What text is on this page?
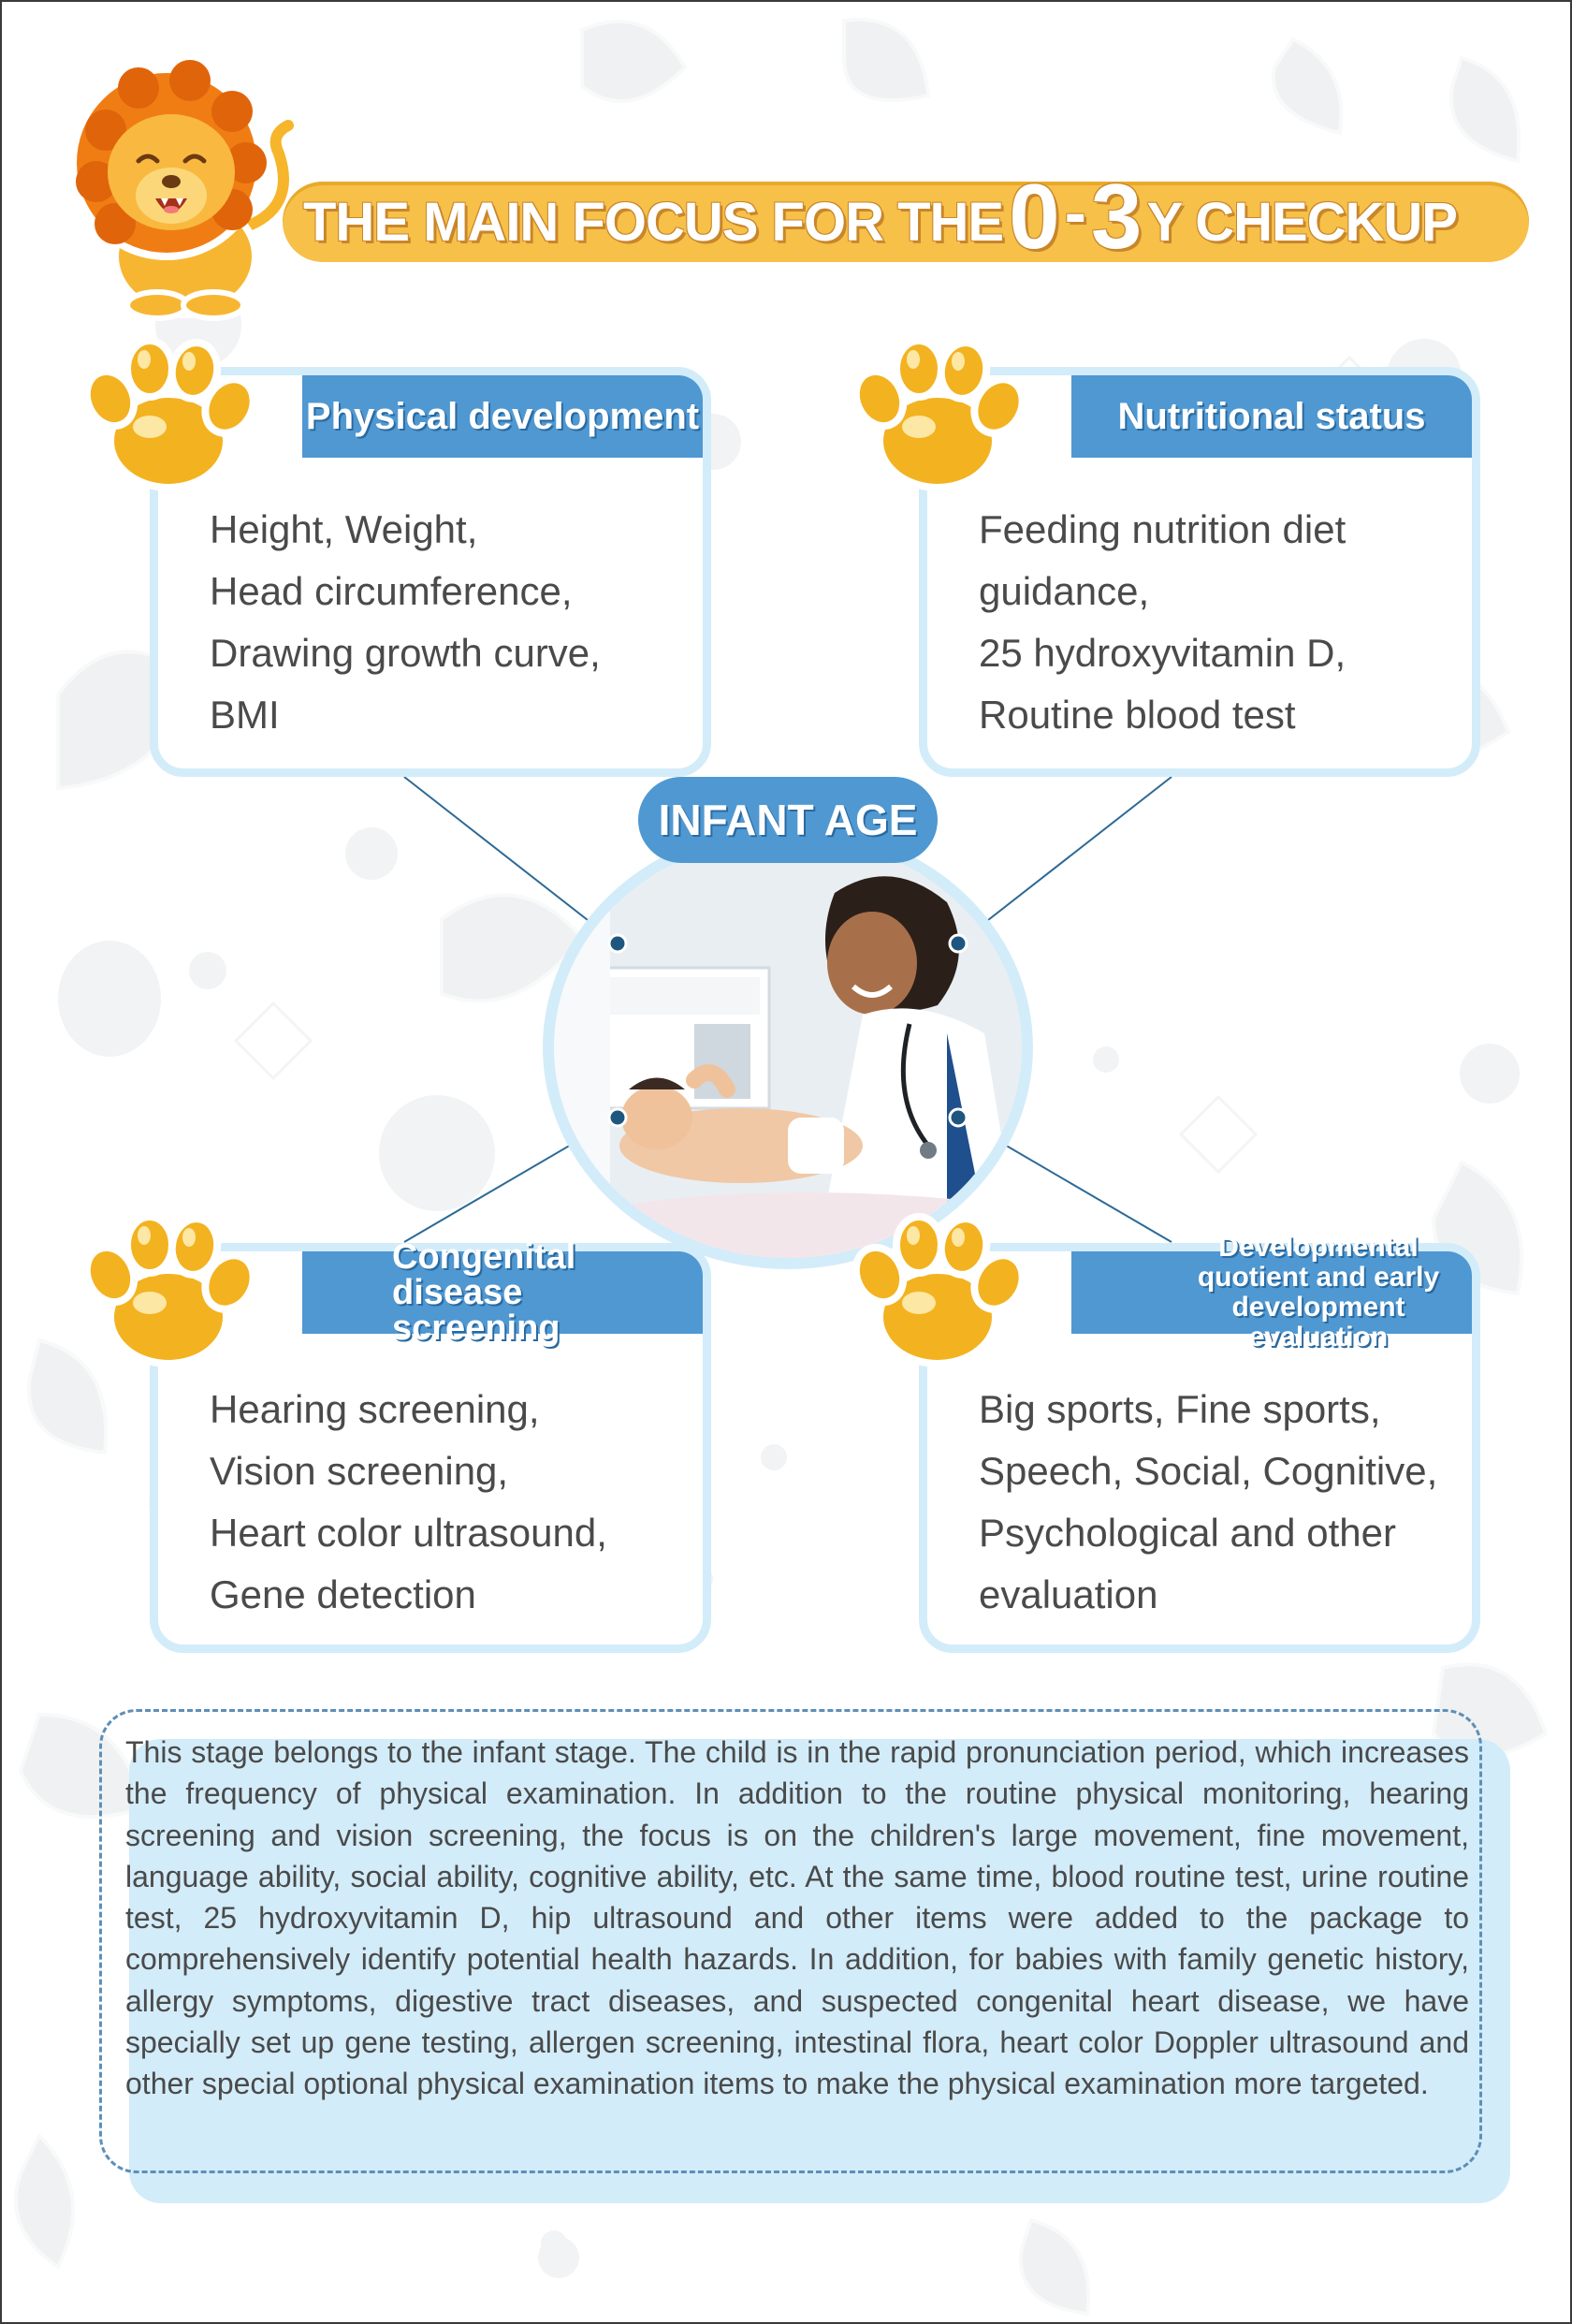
THE MAIN FOCUS FOR THE 0 - 3 Y CHECKUP
INFANT AGE
Physical development
Height, Weight,
Head circumference,
Drawing growth curve,
BMI
Nutritional status
Feeding nutrition diet
guidance,
25 hydroxyvitamin D,
Routine blood test
Congenital disease screening
Hearing screening,
Vision screening,
Heart color ultrasound,
Gene detection
Developmental quotient and early development evaluation
Big sports, Fine sports,
Speech, Social, Cognitive,
Psychological and other
evaluation
This stage belongs to the infant stage. The child is in the rapid pronunciation period, which increases the frequency of physical examination. In addition to the routine physical monitoring, hearing screening and vision screening, the focus is on the children's large movement, fine movement, language ability, social ability, cognitive ability, etc. At the same time, blood routine test, urine routine test, 25 hydroxyvitamin D, hip ultrasound and other items were added to the package to comprehensively identify potential health hazards. In addition, for babies with family genetic history, allergy symptoms, digestive tract diseases, and suspected congenital heart disease, we have specially set up gene testing, allergen screening, intestinal flora, heart color Doppler ultrasound and other special optional physical examination items to make the physical examination more targeted.
